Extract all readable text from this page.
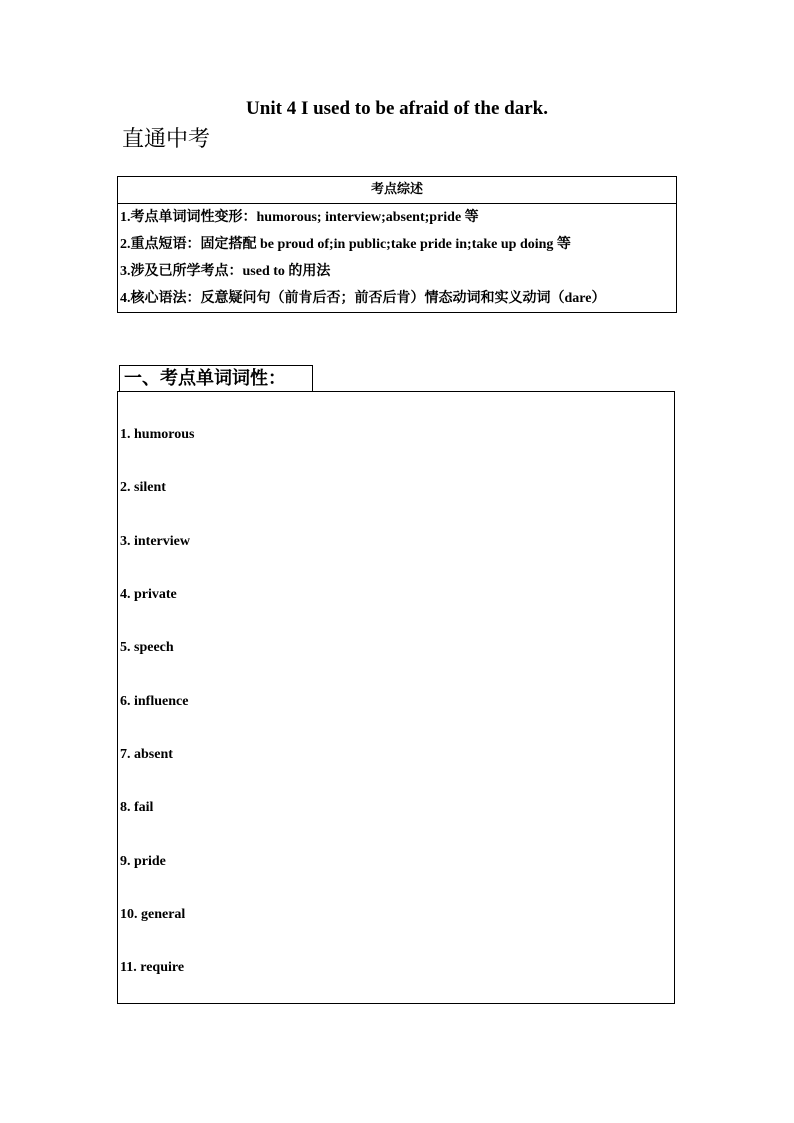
Unit 4 I used to be afraid of the dark.
直通中考
考点综述
1.考点单词词性变形：humorous; interview;absent;pride 等
2.重点短语：固定搭配 be proud of;in public;take pride in;take up doing 等
3.涉及已所学考点：used to 的用法
4.核心语法：反意疑问句（前肯后否；前否后肯）情态动词和实义动词（dare）
一、考点单词词性：
1. humorous
2. silent
3. interview
4. private
5. speech
6. influence
7. absent
8. fail
9. pride
10. general
11. require
